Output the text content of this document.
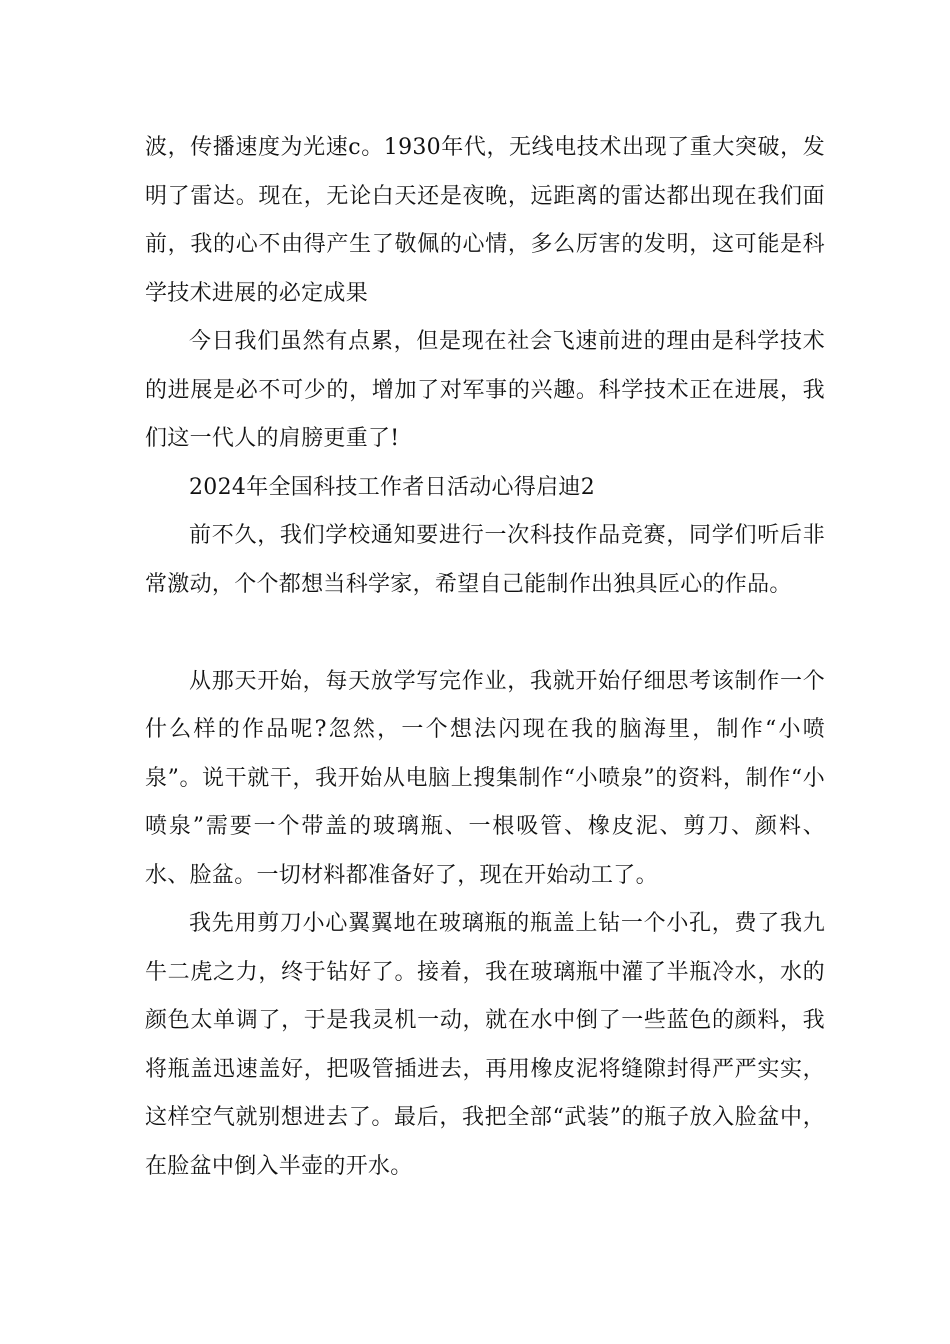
波，传播速度为光速c。1930年代，无线电技术出现了重大突破，发明了雷达。现在，无论白天还是夜晚，远距离的雷达都出现在我们面前，我的心不由得产生了敬佩的心情，多么厉害的发明，这可能是科学技术进展的必定成果

今日我们虽然有点累，但是现在社会飞速前进的理由是科学技术的进展是必不可少的，增加了对军事的兴趣。科学技术正在进展，我们这一代人的肩膀更重了!

2024年全国科技工作者日活动心得启迪2

前不久，我们学校通知要进行一次科技作品竞赛，同学们听后非常激动，个个都想当科学家，希望自己能制作出独具匠心的作品。

从那天开始，每天放学写完作业，我就开始仔细思考该制作一个什么样的作品呢?忽然，一个想法闪现在我的脑海里，制作“小喷泉”。说干就干，我开始从电脑上搜集制作“小喷泉”的资料，制作“小喷泉”需要一个带盖的玻璃瓶、一根吸管、橡皮泥、剪刀、颜料、水、脸盆。一切材料都准备好了，现在开始动工了。

我先用剪刀小心翼翼地在玻璃瓶的瓶盖上钻一个小孔，费了我九牛二虎之力，终于钻好了。接着，我在玻璃瓶中灌了半瓶冷水，水的颜色太单调了，于是我灵机一动，就在水中倒了一些蓝色的颜料，我将瓶盖迅速盖好，把吸管插进去，再用橡皮泥将缝隙封得严严实实，这样空气就别想进去了。最后，我把全部“武装”的瓶子放入脸盆中，在脸盆中倒入半壶的开水。
